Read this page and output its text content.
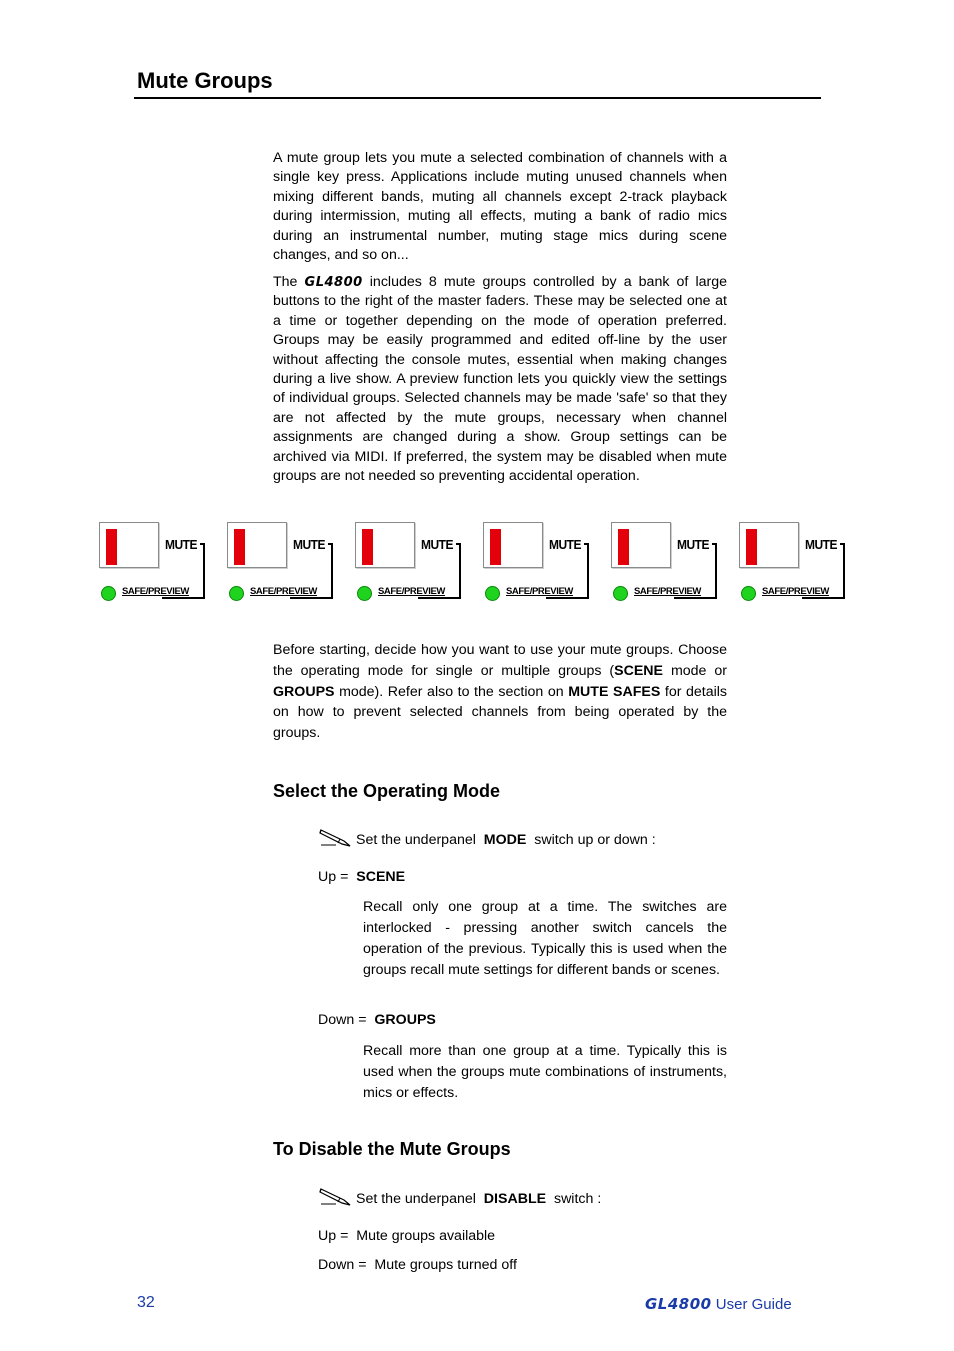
Mute Groups

A mute group lets you mute a selected combination of channels with a single key press. Applications include muting unused channels when mixing different bands, muting all channels except 2-track playback during intermission, muting all effects, muting a bank of radio mics during an instrumental number, muting stage mics during scene changes, and so on...

The GL4800 includes 8 mute groups controlled by a bank of large buttons to the right of the master faders. These may be selected one at a time or together depending on the mode of operation preferred. Groups may be easily programmed and edited off-line by the user without affecting the console mutes, essential when making changes during a live show. A preview function lets you quickly view the settings of individual groups. Selected channels may be made 'safe' so that they are not affected by the mute groups, necessary when channel assignments are changed during a show. Group settings can be archived via MIDI. If preferred, the system may be disabled when mute groups are not needed so preventing accidental operation.

MUTE
SAFE/PREVIEW
MUTE
SAFE/PREVIEW
MUTE
SAFE/PREVIEW
MUTE
SAFE/PREVIEW
MUTE
SAFE/PREVIEW
MUTE
SAFE/PREVIEW

Before starting, decide how you want to use your mute groups. Choose the operating mode for single or multiple groups (SCENE mode or GROUPS mode). Refer also to the section on MUTE SAFES for details on how to prevent selected channels from being operated by the groups.

Select the Operating Mode
Set the underpanel MODE switch up or down :
Up = SCENE

Recall only one group at a time. The switches are interlocked - pressing another switch cancels the operation of the previous. Typically this is used when the groups recall mute settings for different bands or scenes.

Down = GROUPS

Recall more than one group at a time. Typically this is used when the groups mute combinations of instruments, mics or effects.

To Disable the Mute Groups
Set the underpanel DISABLE switch :
Up = Mute groups available
Down = Mute groups turned off
32	GL4800 User Guide
